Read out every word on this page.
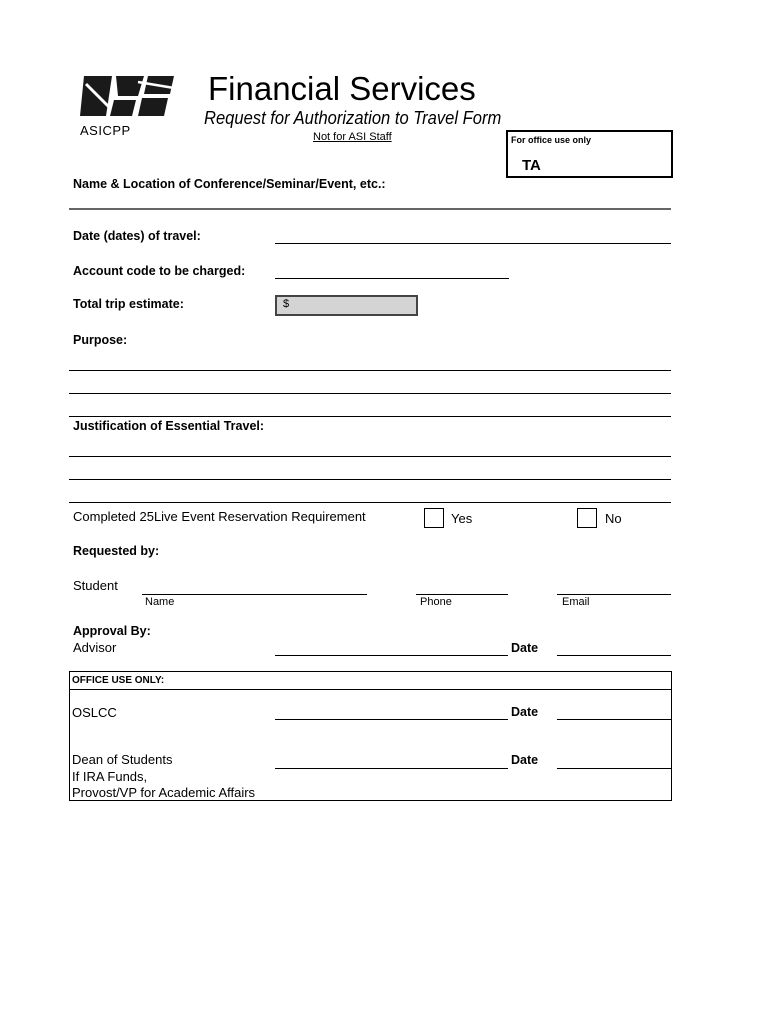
ASICPP
Financial Services
Request for Authorization to Travel Form
Not for ASI Staff	For office use only
TA
Name & Location of Conference/Seminar/Event, etc.:
Date (dates) of travel:
Account code to be charged:
Total trip estimate:	$
Purpose:
Justification of Essential Travel:
Completed 25Live Event Reservation Requirement	Yes	No
Requested by:
Student
Name	Phone	Email
Approval By:
Advisor	Date
OFFICE USE ONLY:
OSLCC	Date
Dean of Students	Date
If IRA Funds,
Provost/VP for Academic Affairs
